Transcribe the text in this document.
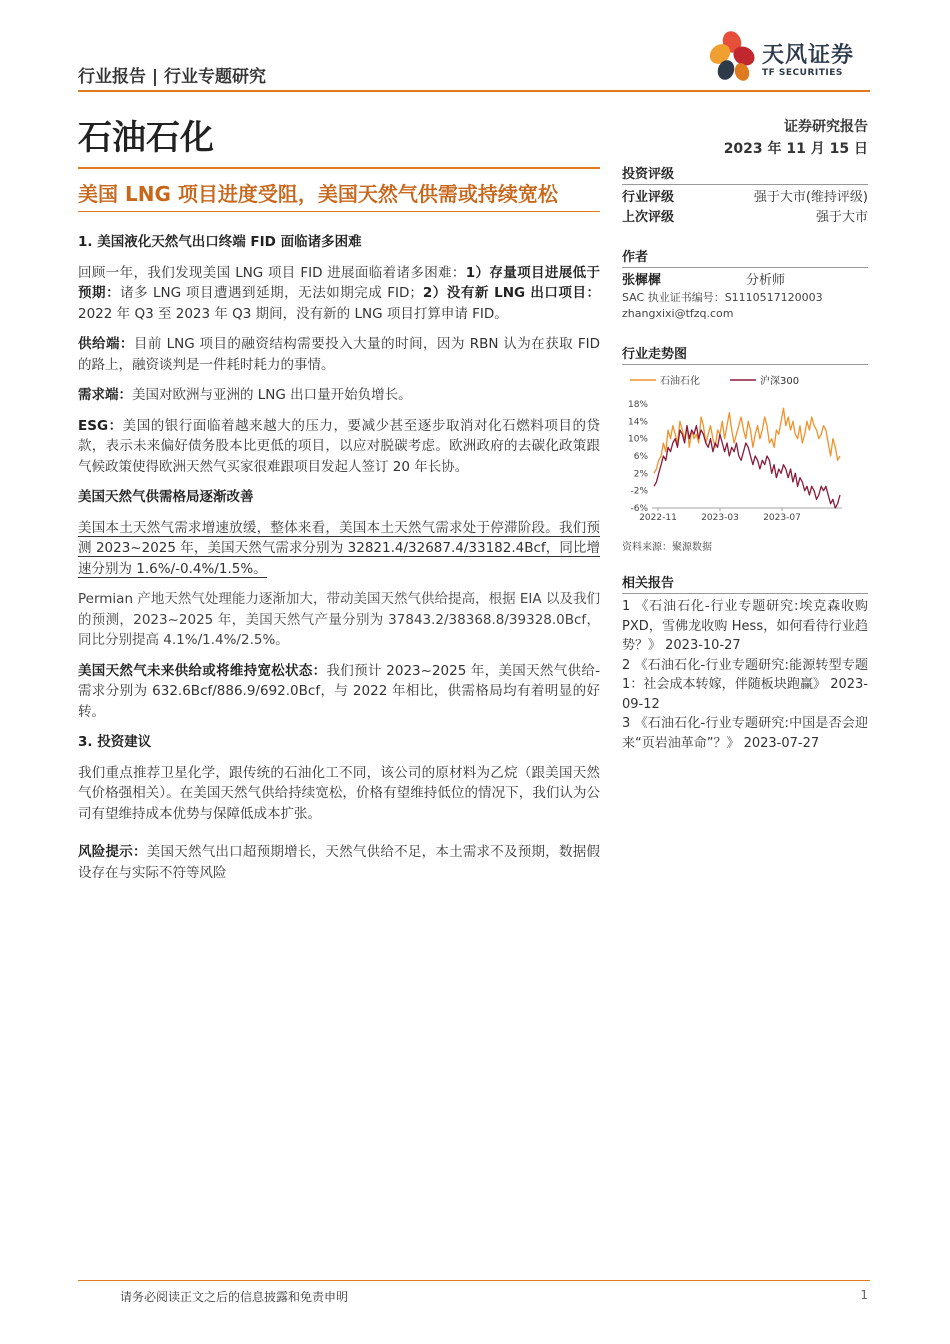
行业报告 | 行业专题研究
天风证券
TF SECURITIES
石油石化	证券研究报告
2023 年 11 月 15 日
美国 LNG 项目进度受阻，美国天然气供需或持续宽松
1. 美国液化天然气出口终端 FID 面临诸多困难

回顾一年，我们发现美国 LNG 项目 FID 进展面临着诸多困难：1）存量项目进展低于预期：诸多 LNG 项目遭遇到延期，无法如期完成 FID；2）没有新 LNG 出口项目：2022 年 Q3 至 2023 年 Q3 期间，没有新的 LNG 项目打算申请 FID。

供给端：目前 LNG 项目的融资结构需要投入大量的时间，因为 RBN 认为在获取 FID 的路上，融资谈判是一件耗时耗力的事情。

需求端：美国对欧洲与亚洲的 LNG 出口量开始负增长。

ESG：美国的银行面临着越来越大的压力，要减少甚至逐步取消对化石燃料项目的贷款，表示未来偏好债务股本比更低的项目，以应对脱碳考虑。欧洲政府的去碳化政策跟气候政策使得欧洲天然气买家很难跟项目发起人签订 20 年长协。

美国天然气供需格局逐渐改善

美国本土天然气需求增速放缓，整体来看，美国本土天然气需求处于停滞阶段。我们预测 2023~2025 年，美国天然气需求分别为 32821.4/32687.4/33182.4Bcf，同比增速分别为 1.6%/-0.4%/1.5%。

Permian 产地天然气处理能力逐渐加大，带动美国天然气供给提高，根据 EIA 以及我们的预测，2023~2025 年，美国天然气产量分别为 37843.2/38368.8/39328.0Bcf，同比分别提高 4.1%/1.4%/2.5%。

美国天然气未来供给或将维持宽松状态：我们预计 2023~2025 年，美国天然气供给-需求分别为 632.6Bcf/886.9/692.0Bcf，与 2022 年相比，供需格局均有着明显的好转。

3. 投资建议

我们重点推荐卫星化学，跟传统的石油化工不同，该公司的原材料为乙烷（跟美国天然气价格强相关）。在美国天然气供给持续宽松，价格有望维持低位的情况下，我们认为公司有望维持成本优势与保障低成本扩张。

风险提示：美国天然气出口超预期增长，天然气供给不足，本土需求不及预期，数据假设存在与实际不符等风险

投资评级
行业评级	强于大市(维持评级)
上次评级	强于大市
作者
张樨樨	分析师
SAC 执业证书编号：S1110517120003
zhangxixi@tfzq.com
行业走势图
石油石化	沪深300
18%
14%
10%
6%
2%
-2%
-6%
2022-11	2023-03	2023-07
资料来源：聚源数据
相关报告
1 《石油石化-行业专题研究:埃克森收购 PXD，雪佛龙收购 Hess，如何看待行业趋势？》 2023-10-27
2 《石油石化-行业专题研究:能源转型专题 1：社会成本转嫁，伴随板块跑赢》 2023-09-12
3 《石油石化-行业专题研究:中国是否会迎来“页岩油革命”？》 2023-07-27
请务必阅读正文之后的信息披露和免责申明	1
